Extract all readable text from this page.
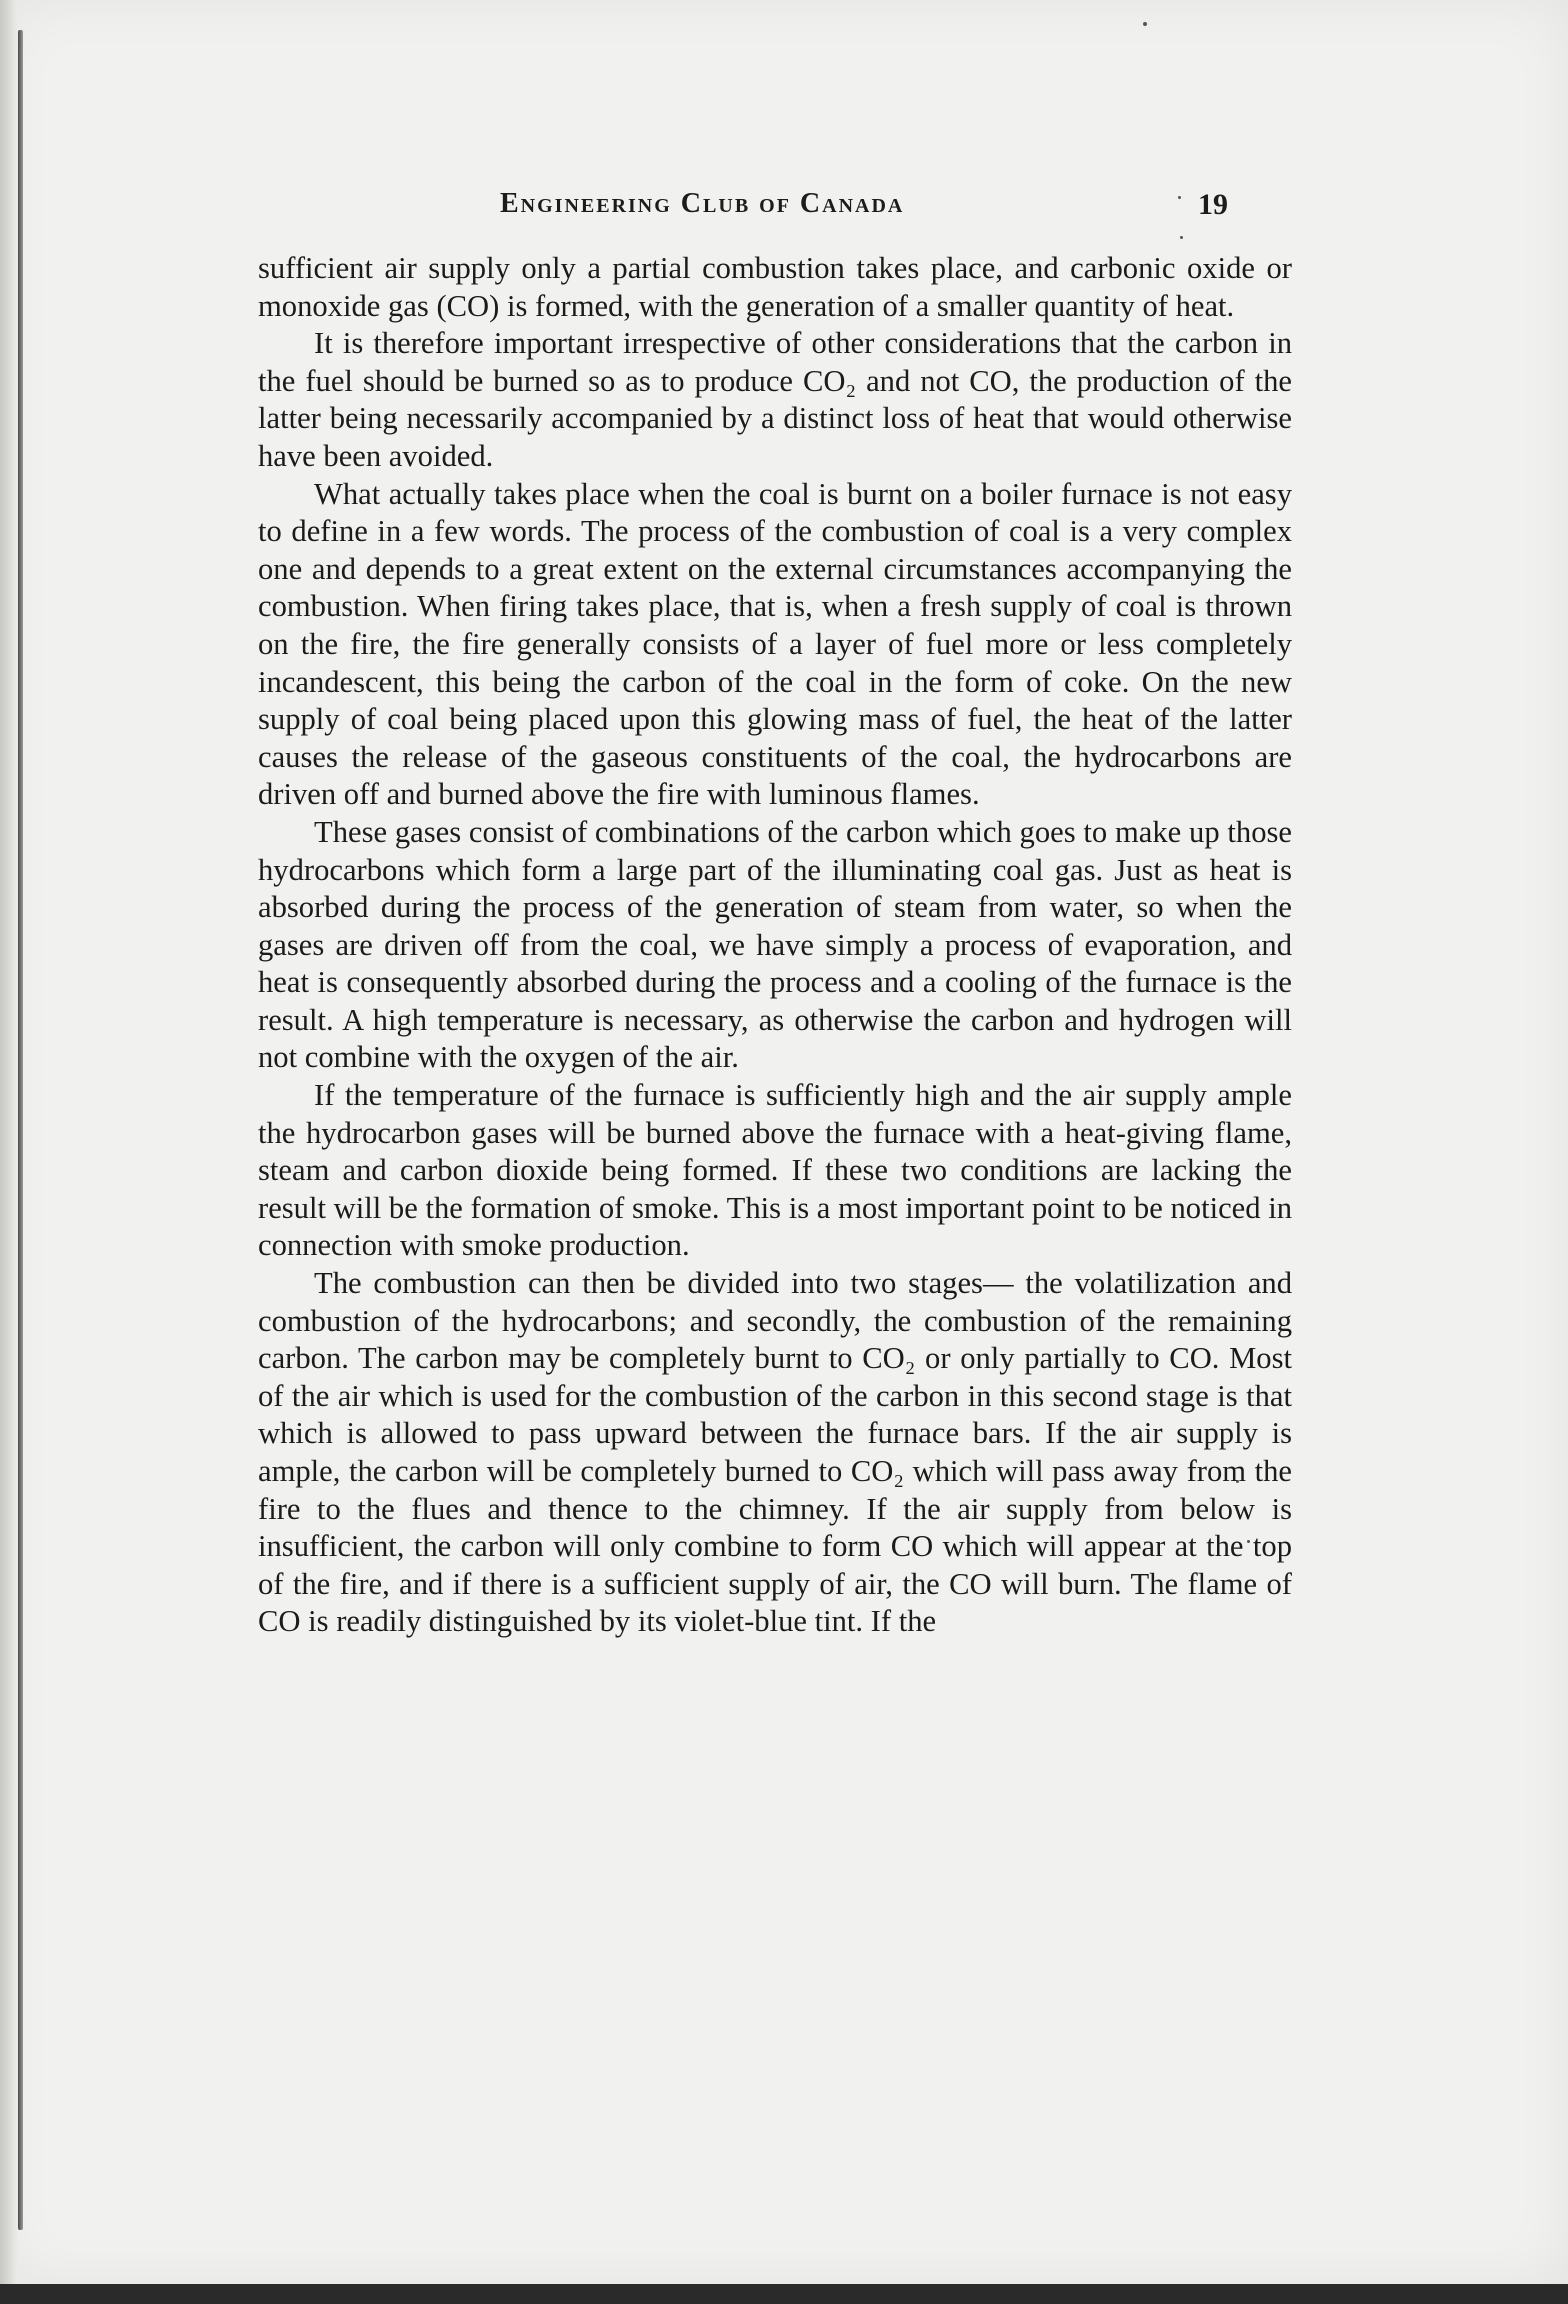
Engineering Club of Canada	19

sufficient air supply only a partial combustion takes place, and carbonic oxide or monoxide gas (CO) is formed, with the generation of a smaller quantity of heat.

It is therefore important irrespective of other considerations that the carbon in the fuel should be burned so as to produce CO₂ and not CO, the production of the latter being necessarily accompanied by a distinct loss of heat that would otherwise have been avoided.

What actually takes place when the coal is burnt on a boiler furnace is not easy to define in a few words. The process of the combustion of coal is a very complex one and depends to a great extent on the external circumstances accompanying the combustion. When firing takes place, that is, when a fresh supply of coal is thrown on the fire, the fire generally consists of a layer of fuel more or less completely incandescent, this being the carbon of the coal in the form of coke. On the new supply of coal being placed upon this glowing mass of fuel, the heat of the latter causes the release of the gaseous constituents of the coal, the hydrocarbons are driven off and burned above the fire with luminous flames.

These gases consist of combinations of the carbon which goes to make up those hydrocarbons which form a large part of the illuminating coal gas. Just as heat is absorbed during the process of the generation of steam from water, so when the gases are driven off from the coal, we have simply a process of evaporation, and heat is consequently absorbed during the process and a cooling of the furnace is the result. A high temperature is necessary, as otherwise the carbon and hydrogen will not combine with the oxygen of the air.

If the temperature of the furnace is sufficiently high and the air supply ample the hydrocarbon gases will be burned above the furnace with a heat-giving flame, steam and carbon dioxide being formed. If these two conditions are lacking the result will be the formation of smoke. This is a most important point to be noticed in connection with smoke production.

The combustion can then be divided into two stages— the volatilization and combustion of the hydrocarbons; and secondly, the combustion of the remaining carbon. The carbon may be completely burnt to CO₂ or only partially to CO. Most of the air which is used for the combustion of the carbon in this second stage is that which is allowed to pass upward between the furnace bars. If the air supply is ample, the carbon will be completely burned to CO₂ which will pass away from the fire to the flues and thence to the chimney. If the air supply from below is insufficient, the carbon will only combine to form CO which will appear at the top of the fire, and if there is a sufficient supply of air, the CO will burn. The flame of CO is readily distinguished by its violet-blue tint. If the
